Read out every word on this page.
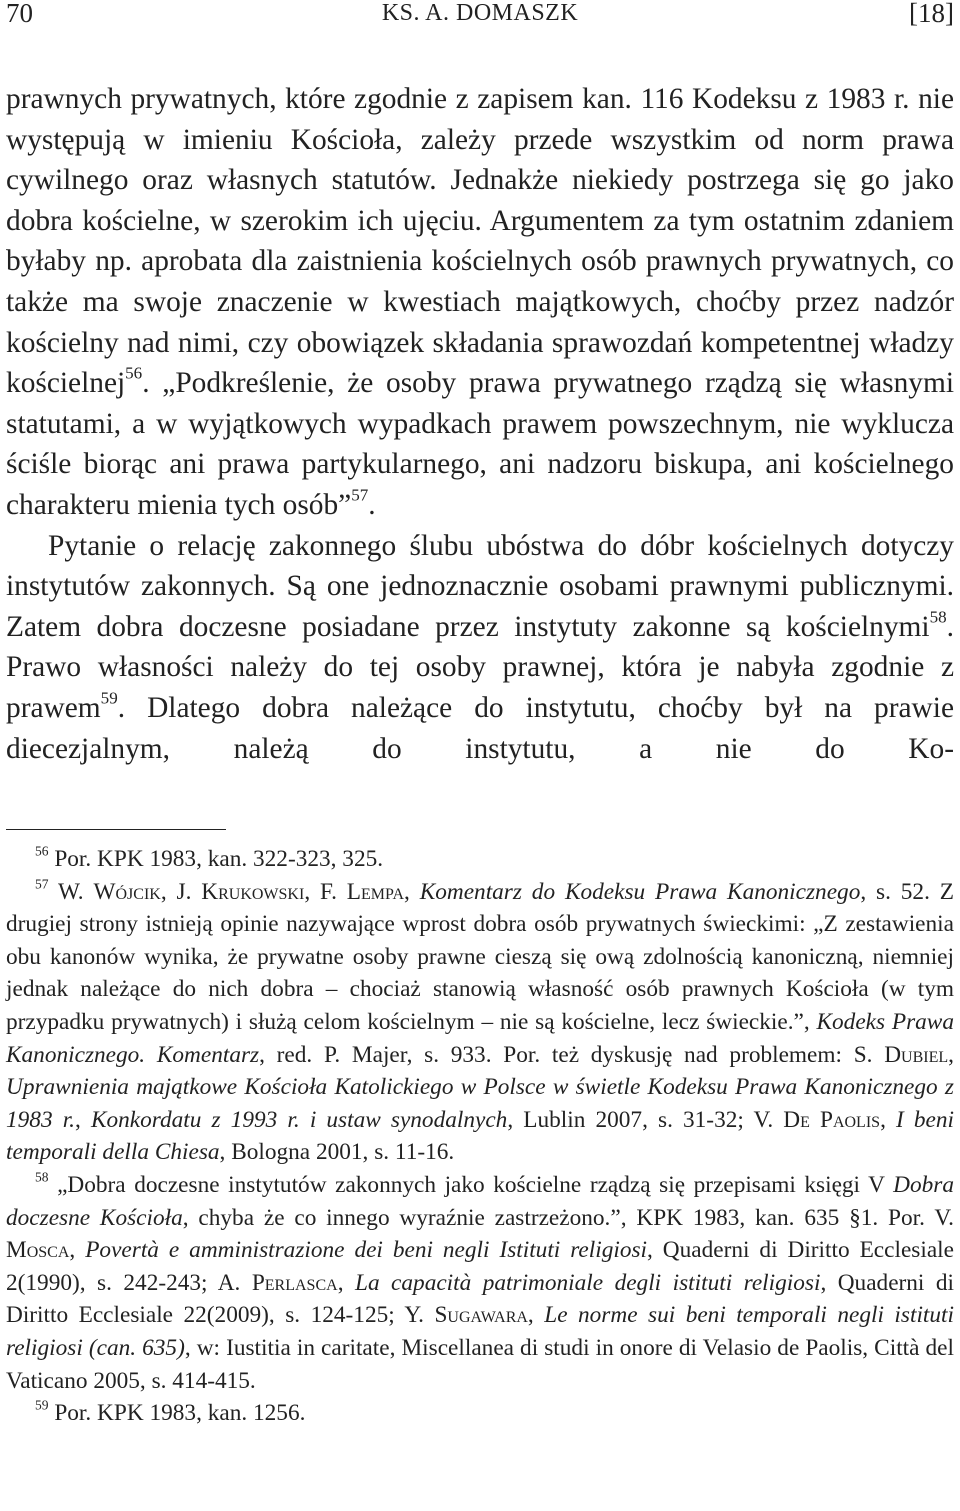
70	KS. A. DOMASZK	[18]

prawnych prywatnych, które zgodnie z zapisem kan. 116 Kodeksu z 1983 r. nie występują w imieniu Kościoła, zależy przede wszystkim od norm prawa cywilnego oraz własnych statutów. Jednakże niekiedy postrzega się go jako dobra kościelne, w szerokim ich ujęciu. Argumentem za tym ostatnim zdaniem byłaby np. aprobata dla zaistnienia kościelnych osób prawnych prywatnych, co także ma swoje znaczenie w kwestiach majątkowych, choćby przez nadzór kościelny nad nimi, czy obowiązek składania sprawozdań kompetentnej władzy kościelnej$^{56}$. „Podkreślenie, że osoby prawa prywatnego rządzą się własnymi statutami, a w wyjątkowych wypadkach prawem powszechnym, nie wyklucza ściśle biorąc ani prawa partykularnego, ani nadzoru biskupa, ani kościelnego charakteru mienia tych osób”$^{57}$.

Pytanie o relację zakonnego ślubu ubóstwa do dóbr kościelnych dotyczy instytutów zakonnych. Są one jednoznacznie osobami prawnymi publicznymi. Zatem dobra doczesne posiadane przez instytuty zakonne są kościelnymi$^{58}$. Prawo własności należy do tej osoby prawnej, która je nabyła zgodnie z prawem$^{59}$. Dlatego dobra należące do instytutu, choćby był na prawie diecezjalnym, należą do instytutu, a nie do Ko-

$^{56}$ Por. KPK 1983, kan. 322-323, 325.

$^{57}$ W. Wójcik, J. Krukowski, F. Lempa, Komentarz do Kodeksu Prawa Kanonicznego, s. 52. Z drugiej strony istnieją opinie nazywające wprost dobra osób prywatnych świeckimi: „Z zestawienia obu kanonów wynika, że prywatne osoby prawne cieszą się ową zdolnością kanoniczną, niemniej jednak należące do nich dobra – chociaż stanowią własność osób prawnych Kościoła (w tym przypadku prywatnych) i służą celom kościelnym – nie są kościelne, lecz świeckie.”, Kodeks Prawa Kanonicznego. Komentarz, red. P. Majer, s. 933. Por. też dyskusję nad problemem: S. Dubiel, Uprawnienia majątkowe Kościoła Katolickiego w Polsce w świetle Kodeksu Prawa Kanonicznego z 1983 r., Konkordatu z 1993 r. i ustaw synodalnych, Lublin 2007, s. 31-32; V. De Paolis, I beni temporali della Chiesa, Bologna 2001, s. 11-16.

$^{58}$ „Dobra doczesne instytutów zakonnych jako kościelne rządzą się przepisami księgi V Dobra doczesne Kościoła, chyba że co innego wyraźnie zastrzeżono.”, KPK 1983, kan. 635 §1. Por. V. Mosca, Povertà e amministrazione dei beni negli Istituti religiosi, Quaderni di Diritto Ecclesiale 2(1990), s. 242-243; A. Perlasca, La capacità patrimoniale degli istituti religiosi, Quaderni di Diritto Ecclesiale 22(2009), s. 124-125; Y. Sugawara, Le norme sui beni temporali negli istituti religiosi (can. 635), w: Iustitia in caritate, Miscellanea di studi in onore di Velasio de Paolis, Città del Vaticano 2005, s. 414-415.

$^{59}$ Por. KPK 1983, kan. 1256.
